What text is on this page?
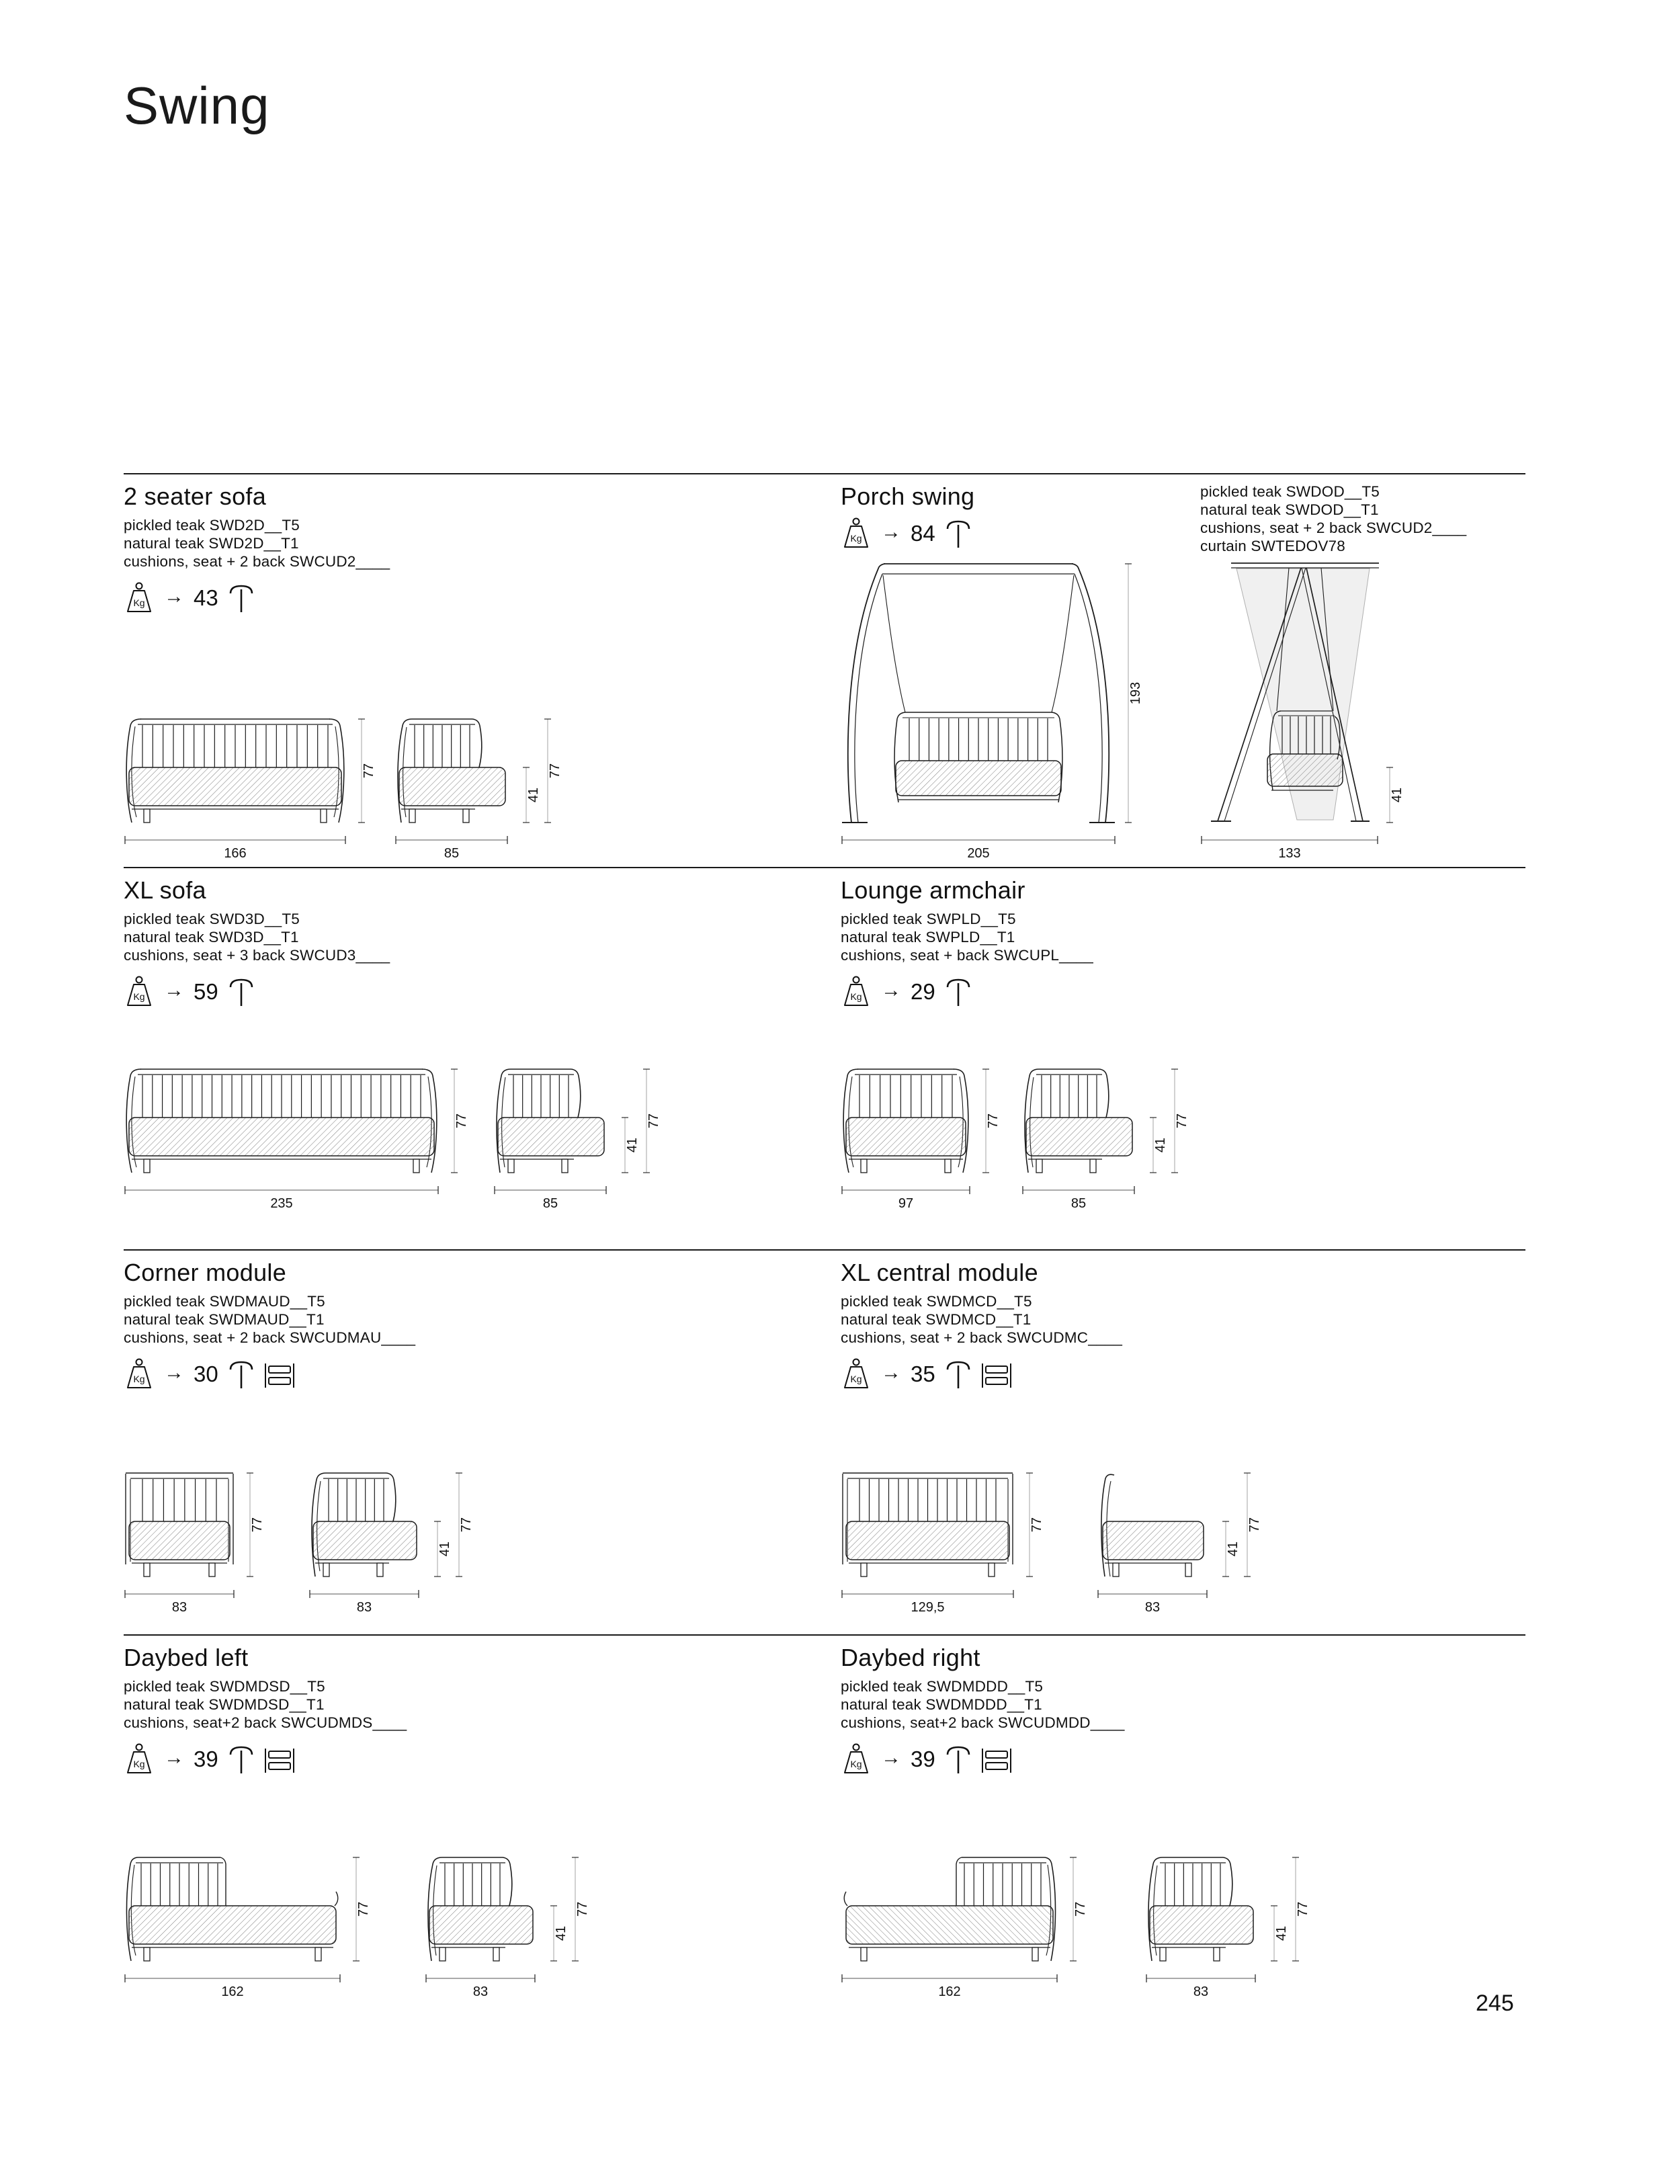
Swing
2 seater sofa
pickled teak SWD2D__T5
natural teak SWD2D__T1
cushions, seat + 2 back SWCUD2____
Kg → 43
166
77
85
41
77
Porch swing	pickled teak SWDOD__T5
natural teak SWDOD__T1
cushions, seat + 2 back SWCUD2____
curtain SWTEDOV78
Kg → 84
205
193
133
41
XL sofa
pickled teak SWD3D__T5
natural teak SWD3D__T1
cushions, seat + 3 back SWCUD3____
Kg → 59
235
77
85
41
77
Lounge armchair
pickled teak SWPLD__T5
natural teak SWPLD__T1
cushions, seat + back SWCUPL____
Kg → 29
97
77
85
41
77
Corner module
pickled teak SWDMAUD__T5
natural teak SWDMAUD__T1
cushions, seat + 2 back SWCUDMAU____
Kg → 30
83
77
83
41
77
XL central module
pickled teak SWDMCD__T5
natural teak SWDMCD__T1
cushions, seat + 2 back SWCUDMC____
Kg → 35
129,5
77
83
41
77
Daybed left
pickled teak SWDMDSD__T5
natural teak SWDMDSD__T1
cushions, seat+2 back SWCUDMDS____
Kg → 39
162
77
83
41
77
Daybed right
pickled teak SWDMDDD__T5
natural teak SWDMDDD__T1
cushions, seat+2 back SWCUDMDD____
Kg → 39
162
77
83
41
77
245
